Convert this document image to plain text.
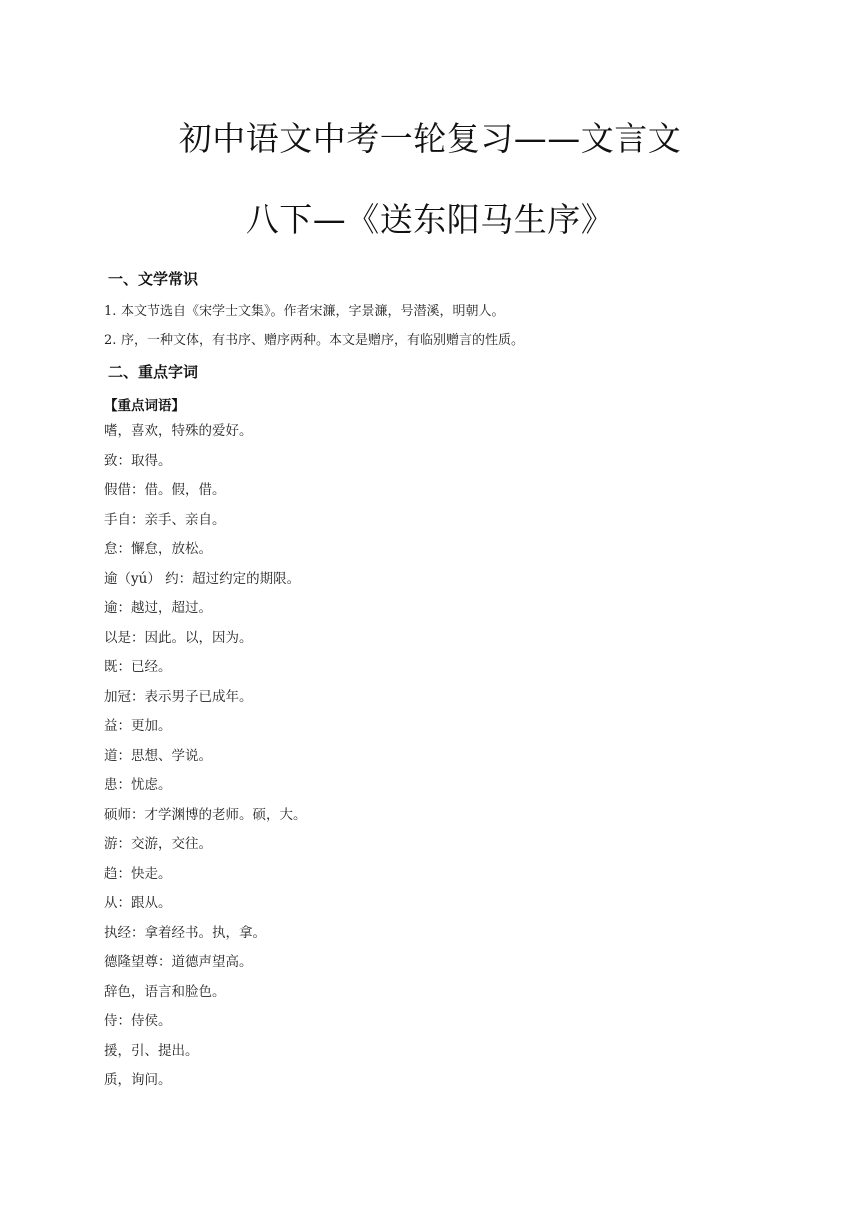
初中语文中考一轮复习——文言文
八下—《送东阳马生序》
一、文学常识
1. 本文节选自《宋学士文集》。作者宋濂，字景濂，号潜溪，明朝人。
2. 序，一种文体，有书序、赠序两种。本文是赠序，有临别赠言的性质。
二、重点字词
【重点词语】
嗜，喜欢，特殊的爱好。
致：取得。
假借：借。假，借。
手自：亲手、亲自。
怠：懈怠，放松。
逾（yú） 约：超过约定的期限。
逾：越过，超过。
以是：因此。以，因为。
既：已经。
加冠：表示男子已成年。
益：更加。
道：思想、学说。
患：忧虑。
硕师：才学渊博的老师。硕，大。
游：交游，交往。
趋：快走。
从：跟从。
执经：拿着经书。执，拿。
德隆望尊：道德声望高。
辞色，语言和脸色。
侍：侍侯。
援，引、提出。
质，询问。
